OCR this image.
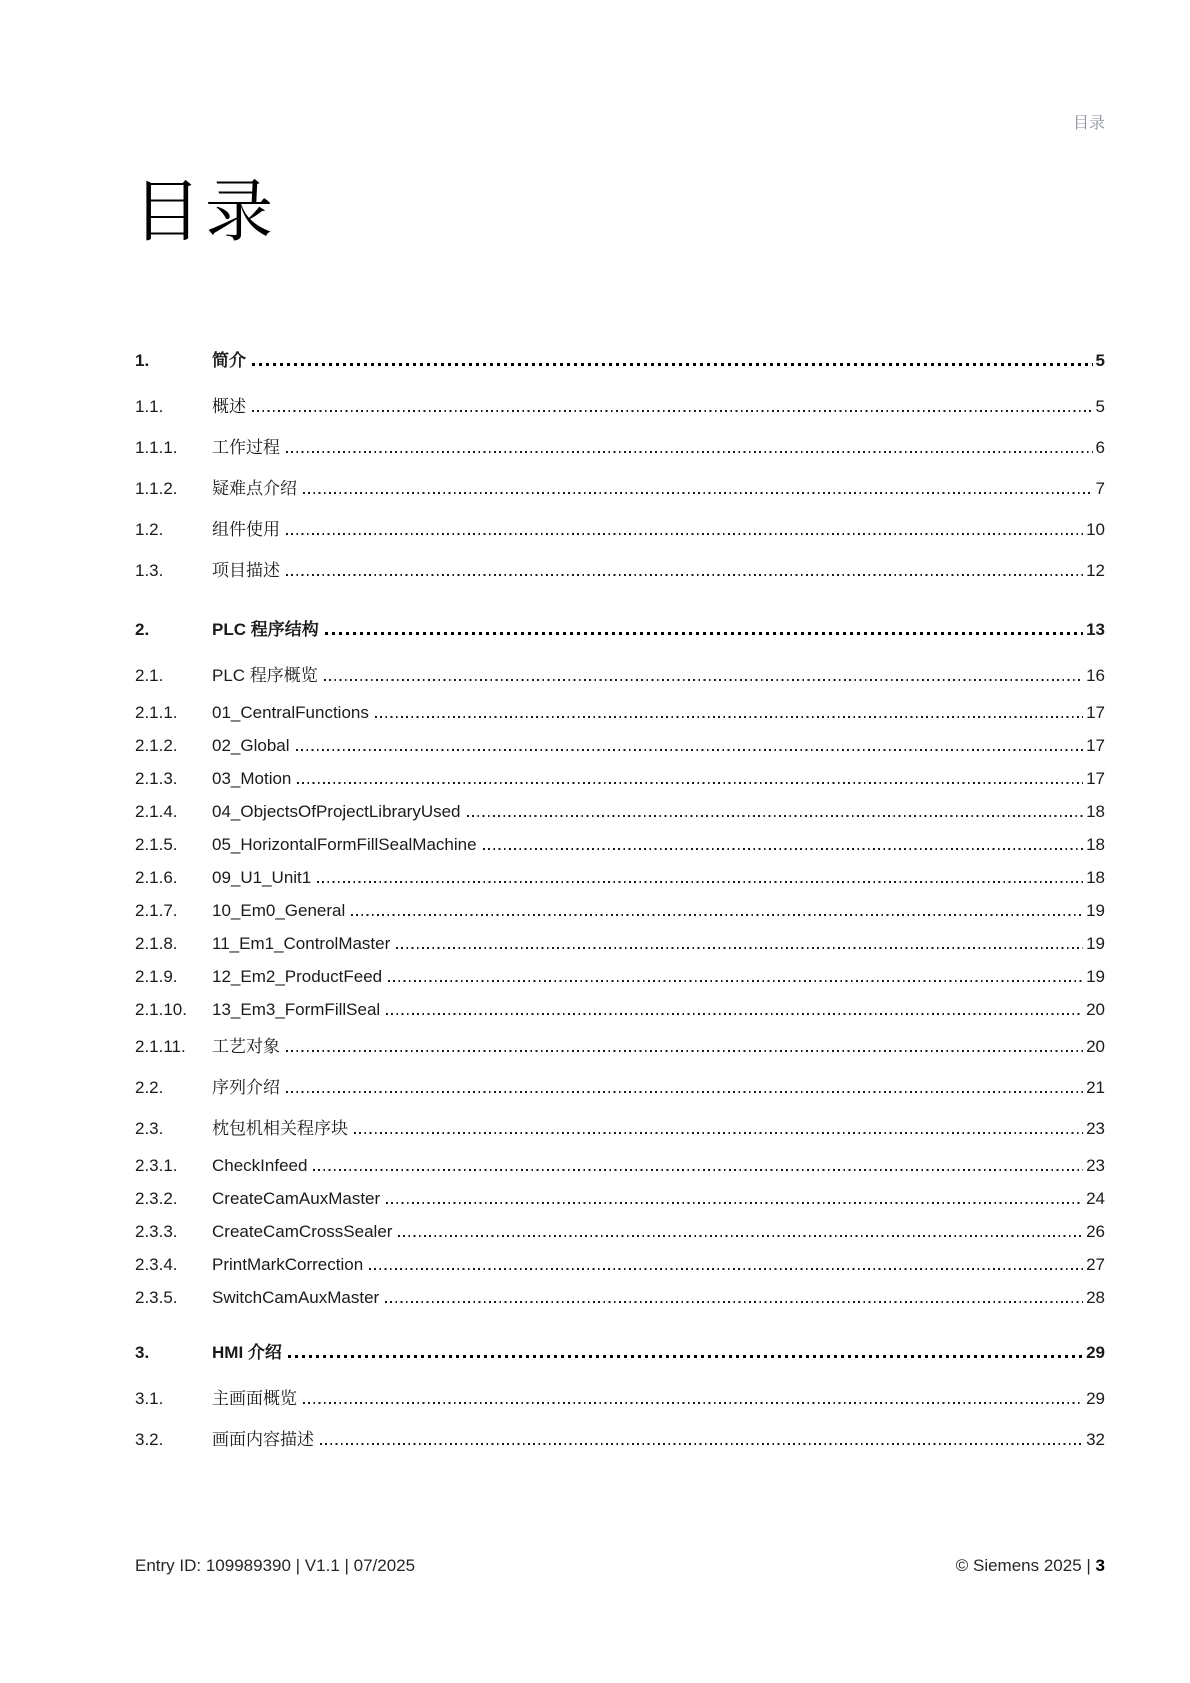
目录
目录
1.	简介	5
1.1.	概述	5
1.1.1.	工作过程	6
1.1.2.	疑难点介绍	7
1.2.	组件使用	10
1.3.	项目描述	12
2.	PLC 程序结构	13
2.1.	PLC 程序概览	16
2.1.1.	01_CentralFunctions	17
2.1.2.	02_Global	17
2.1.3.	03_Motion	17
2.1.4.	04_ObjectsOfProjectLibraryUsed	18
2.1.5.	05_HorizontalFormFillSealMachine	18
2.1.6.	09_U1_Unit1	18
2.1.7.	10_Em0_General	19
2.1.8.	11_Em1_ControlMaster	19
2.1.9.	12_Em2_ProductFeed	19
2.1.10.	13_Em3_FormFillSeal	20
2.1.11.	工艺对象	20
2.2.	序列介绍	21
2.3.	枕包机相关程序块	23
2.3.1.	CheckInfeed	23
2.3.2.	CreateCamAuxMaster	24
2.3.3.	CreateCamCrossSealer	26
2.3.4.	PrintMarkCorrection	27
2.3.5.	SwitchCamAuxMaster	28
3.	HMI 介绍	29
3.1.	主画面概览	29
3.2.	画面内容描述	32
Entry ID: 109989390 | V1.1 | 07/2025	© Siemens 2025 | 3
